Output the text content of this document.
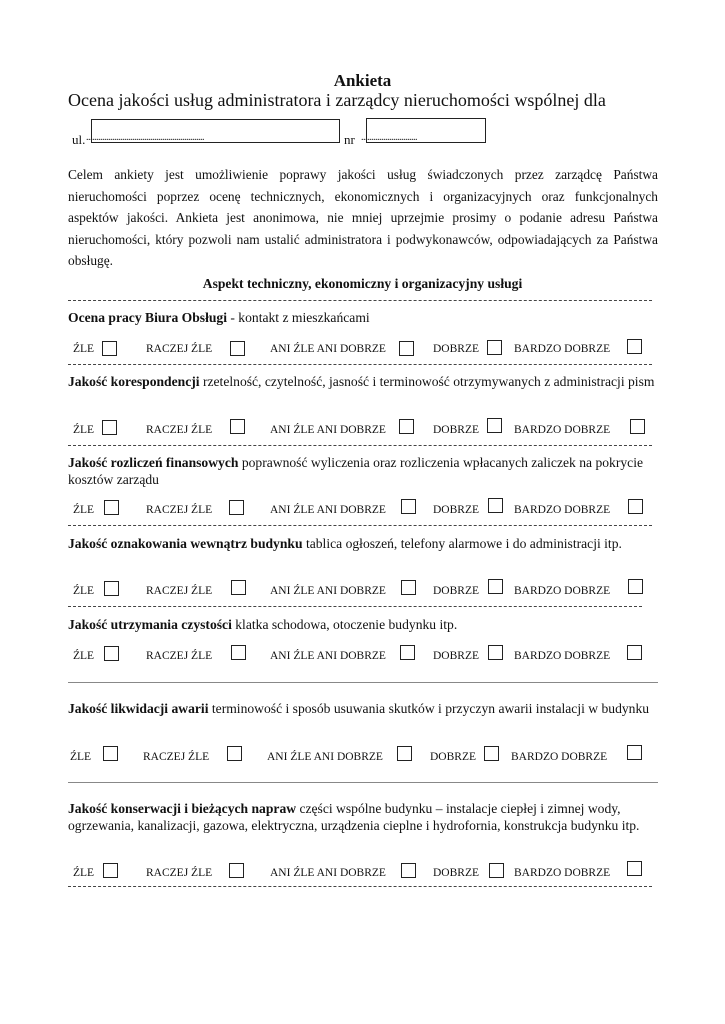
Ankieta
Ocena jakości usług administratora i zarządcy nieruchomości wspólnej dla
ul. ...........................................................	nr ............................
Celem ankiety jest umożliwienie poprawy jakości usług świadczonych przez zarządcę Państwa nieruchomości poprzez ocenę technicznych, ekonomicznych i organizacyjnych oraz funkcjonalnych aspektów jakości. Ankieta jest anonimowa, nie mniej uprzejmie prosimy o podanie adresu Państwa nieruchomości, który pozwoli nam ustalić administratora i podwykonawców, odpowiadających za Państwa obsługę.
Aspekt techniczny, ekonomiczny i organizacyjny usługi
Ocena pracy Biura Obsługi - kontakt z mieszkańcami
ŹLE	RACZEJ ŹLE	ANI ŹLE ANI DOBRZE	DOBRZE	BARDZO DOBRZE
Jakość korespondencji rzetelność, czytelność, jasność i terminowość otrzymywanych z administracji pism
ŹLE	RACZEJ ŹLE	ANI ŹLE ANI DOBRZE	DOBRZE	BARDZO DOBRZE
Jakość rozliczeń finansowych poprawność wyliczenia oraz rozliczenia wpłacanych zaliczek na pokrycie kosztów zarządu
ŹLE	RACZEJ ŹLE	ANI ŹLE ANI DOBRZE	DOBRZE	BARDZO DOBRZE
Jakość oznakowania wewnątrz budynku tablica ogłoszeń, telefony alarmowe i do administracji itp.
ŹLE	RACZEJ ŹLE	ANI ŹLE ANI DOBRZE	DOBRZE	BARDZO DOBRZE
Jakość utrzymania czystości klatka schodowa, otoczenie budynku itp.
ŹLE	RACZEJ ŹLE	ANI ŹLE ANI DOBRZE	DOBRZE	BARDZO DOBRZE
Jakość likwidacji awarii terminowość i sposób usuwania skutków i przyczyn awarii instalacji w budynku
ŹLE	RACZEJ ŹLE	ANI ŹLE ANI DOBRZE	DOBRZE	BARDZO DOBRZE
Jakość konserwacji i bieżących napraw części wspólne budynku – instalacje ciepłej i zimnej wody, ogrzewania, kanalizacji, gazowa, elektryczna, urządzenia cieplne i hydrofornia, konstrukcja budynku itp.
ŹLE	RACZEJ ŹLE	ANI ŹLE ANI DOBRZE	DOBRZE	BARDZO DOBRZE
